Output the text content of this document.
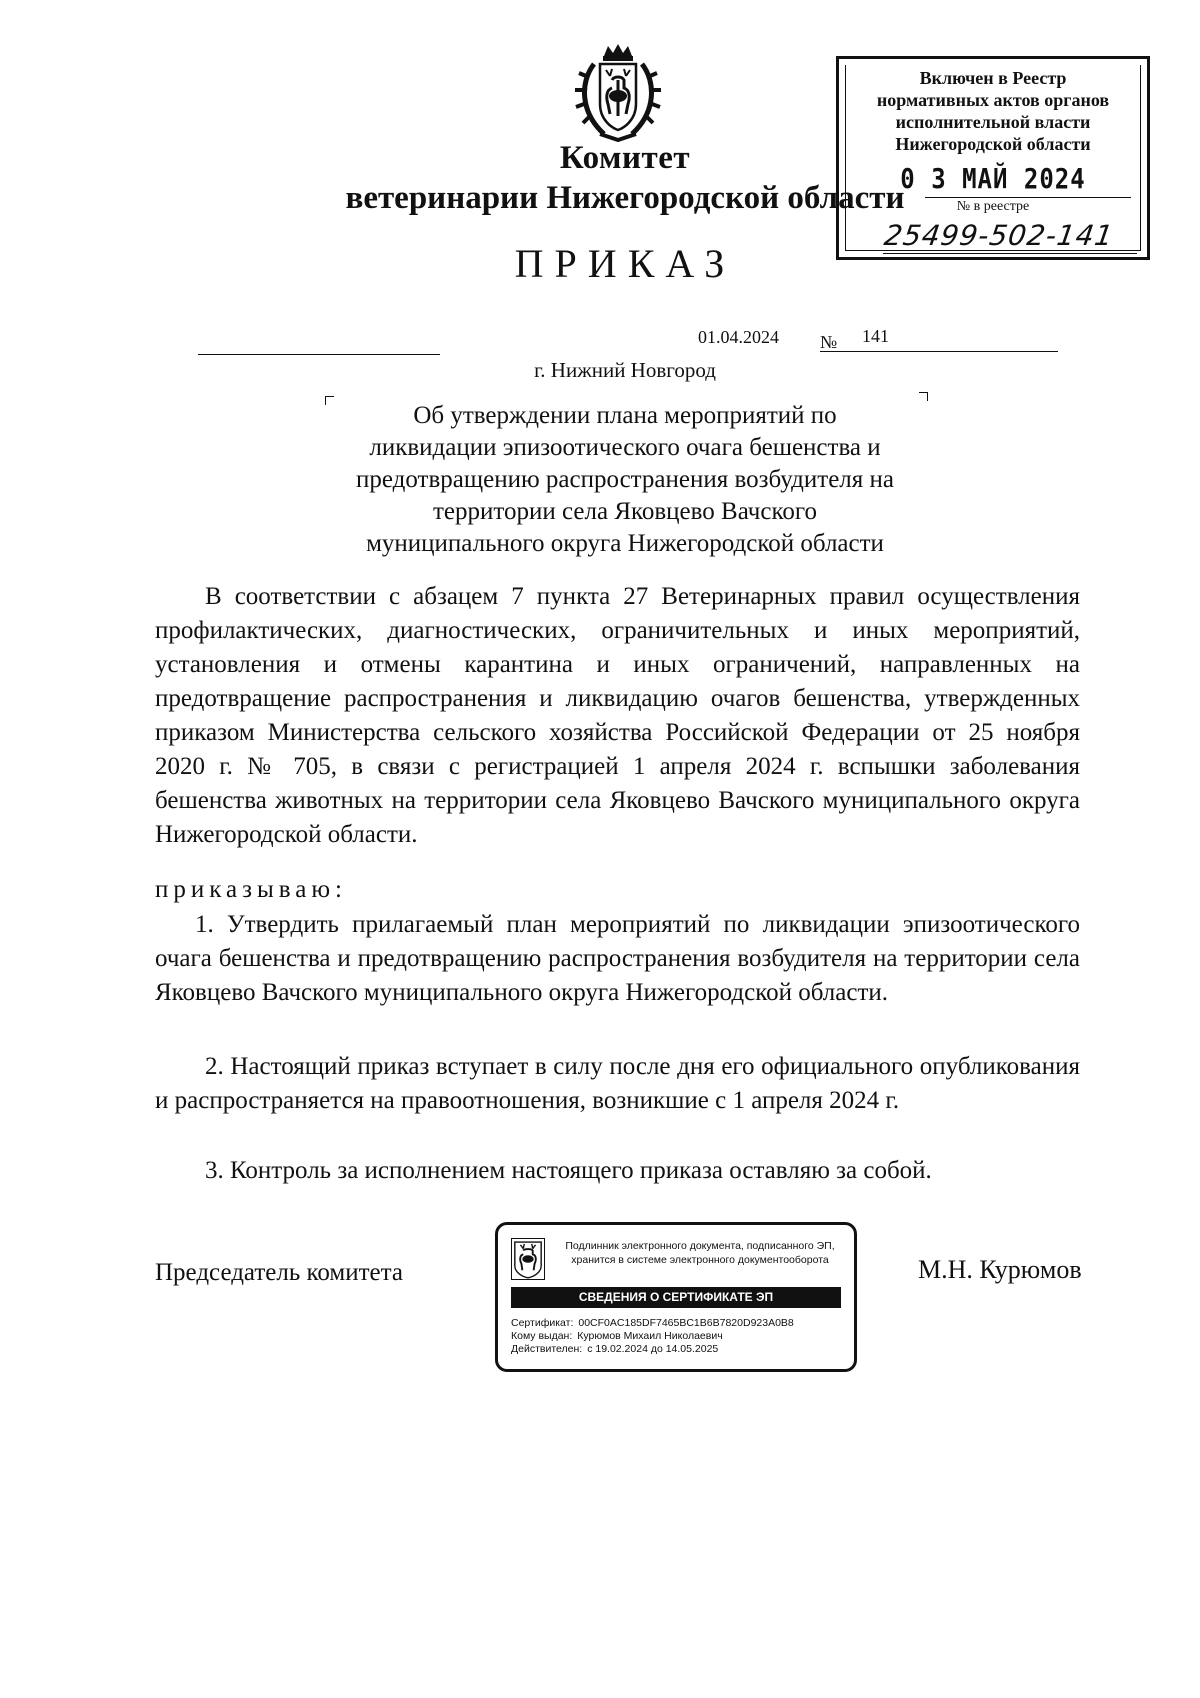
Комитет
ветеринарии Нижегородской области
ПРИКАЗ
Включен в Реестр
нормативных актов органов
исполнительной власти
Нижегородской области
0 3 МАЙ 2024
№ в реестре
25499-502-141
01.04.2024 № 141
г. Нижний Новгород
Об утверждении плана мероприятий по ликвидации эпизоотического очага бешенства и предотвращению распространения возбудителя на территории села Яковцево Вачского муниципального округа Нижегородской области
В соответствии с абзацем 7 пункта 27 Ветеринарных правил осуществления профилактических, диагностических, ограничительных и иных мероприятий, установления и отмены карантина и иных ограничений, направленных на предотвращение распространения и ликвидацию очагов бешенства, утвержденных приказом Министерства сельского хозяйства Российской Федерации от 25 ноября 2020 г. № 705, в связи с регистрацией 1 апреля 2024 г. вспышки заболевания бешенства животных на территории села Яковцево Вачского муниципального округа Нижегородской области.
приказываю:
1. Утвердить прилагаемый план мероприятий по ликвидации эпизоотического очага бешенства и предотвращению распространения возбудителя на территории села Яковцево Вачского муниципального округа Нижегородской области.
2. Настоящий приказ вступает в силу после дня его официального опубликования и распространяется на правоотношения, возникшие с 1 апреля 2024 г.
3. Контроль за исполнением настоящего приказа оставляю за собой.
Председатель комитета	М.Н. Курюмов
Подлинник электронного документа, подписанного ЭП,
хранится в системе электронного документооборота
СВЕДЕНИЯ О СЕРТИФИКАТЕ ЭП
Сертификат: 00CF0AC185DF7465BC1B6B7820D923A0B8
Кому выдан: Курюмов Михаил Николаевич
Действителен: с 19.02.2024 до 14.05.2025
